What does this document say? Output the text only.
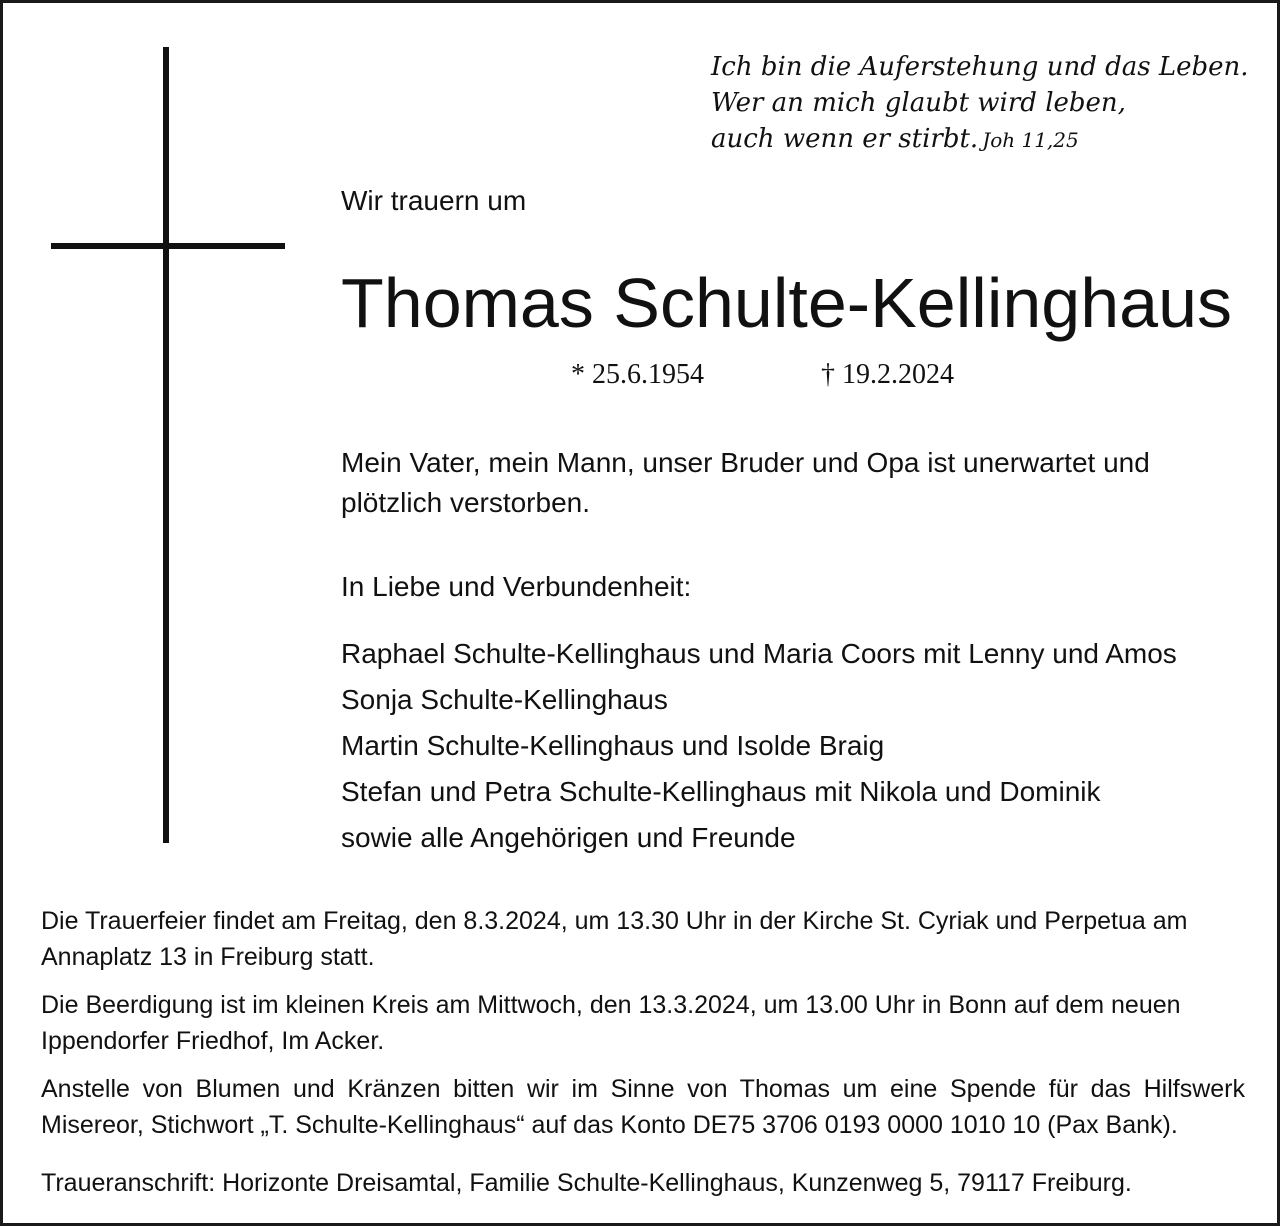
Ich bin die Auferstehung und das Leben.
Wer an mich glaubt wird leben,
auch wenn er stirbt. Joh 11,25
Wir trauern um
Thomas Schulte-Kellinghaus
* 25.6.1954	† 19.2.2024
Mein Vater, mein Mann, unser Bruder und Opa ist unerwartet und plötzlich verstorben.
In Liebe und Verbundenheit:
Raphael Schulte-Kellinghaus und Maria Coors mit Lenny und Amos
Sonja Schulte-Kellinghaus
Martin Schulte-Kellinghaus und Isolde Braig
Stefan und Petra Schulte-Kellinghaus mit Nikola und Dominik
sowie alle Angehörigen und Freunde

Die Trauerfeier findet am Freitag, den 8.3.2024, um 13.30 Uhr in der Kirche St. Cyriak und Perpetua am Annaplatz 13 in Freiburg statt.

Die Beerdigung ist im kleinen Kreis am Mittwoch, den 13.3.2024, um 13.00 Uhr in Bonn auf dem neuen Ippendorfer Friedhof, Im Acker.

Anstelle von Blumen und Kränzen bitten wir im Sinne von Thomas um eine Spende für das Hilfswerk Misereor, Stichwort „T. Schulte-Kellinghaus“ auf das Konto DE75 3706 0193 0000 1010 10 (Pax Bank).

Traueranschrift: Horizonte Dreisamtal, Familie Schulte-Kellinghaus, Kunzenweg 5, 79117 Freiburg.
